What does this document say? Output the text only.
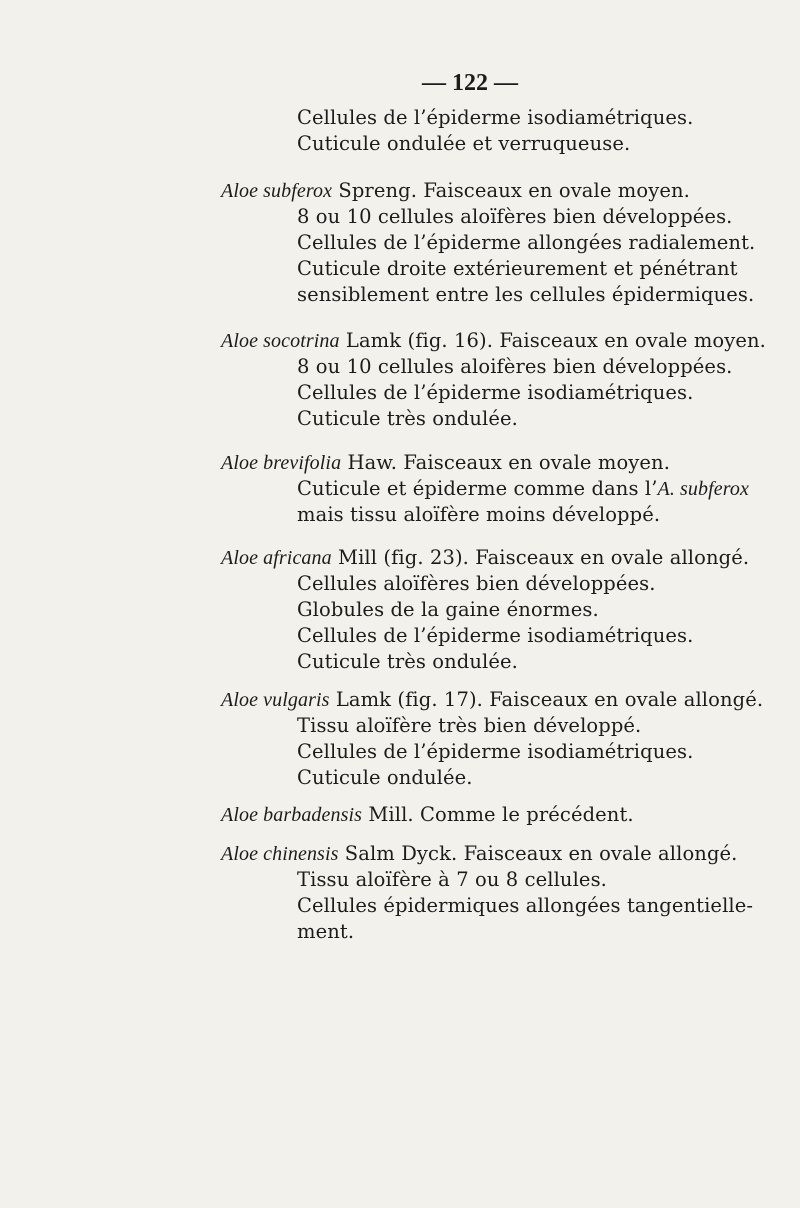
— 122 —
Cellules de l’épiderme isodiamétriques.
Cuticule ondulée et verruqueuse.
Aloe subferox Spreng. Faisceaux en ovale moyen.
8 ou 10 cellules aloïfères bien développées.
Cellules de l’épiderme allongées radialement.
Cuticule droite extérieurement et pénétrant
sensiblement entre les cellules épidermiques.
Aloe socotrina Lamk (fig. 16). Faisceaux en ovale moyen.
8 ou 10 cellules aloifères bien développées.
Cellules de l’épiderme isodiamétriques.
Cuticule très ondulée.
Aloe brevifolia Haw. Faisceaux en ovale moyen.
Cuticule et épiderme comme dans l’A. subferox
mais tissu aloïfère moins développé.
Aloe africana Mill (fig. 23). Faisceaux en ovale allongé.
Cellules aloïfères bien développées.
Globules de la gaine énormes.
Cellules de l’épiderme isodiamétriques.
Cuticule très ondulée.
Aloe vulgaris Lamk (fig. 17). Faisceaux en ovale allongé.
Tissu aloïfère très bien développé.
Cellules de l’épiderme isodiamétriques.
Cuticule ondulée.
Aloe barbadensis Mill. Comme le précédent.
Aloe chinensis Salm Dyck. Faisceaux en ovale allongé.
Tissu aloïfère à 7 ou 8 cellules.
Cellules épidermiques allongées tangentielle-
ment.
